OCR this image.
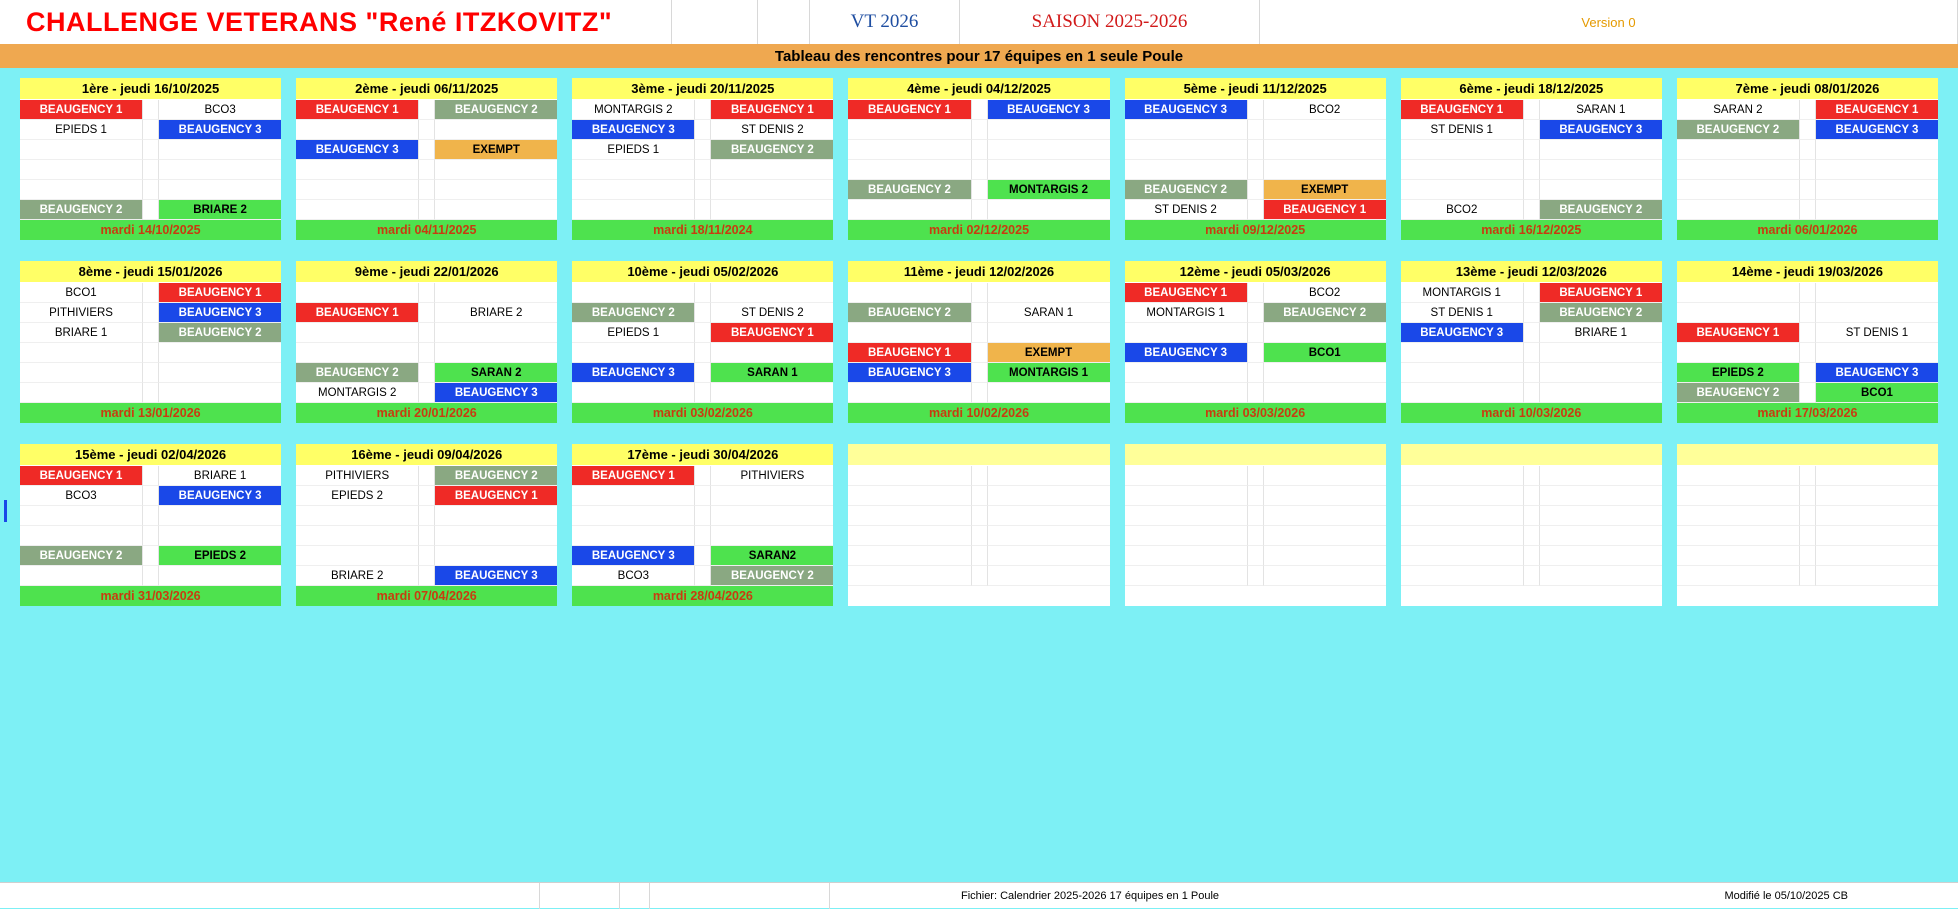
CHALLENGE VETERANS "René ITZKOVITZ"	VT 2026	SAISON 2025-2026	Version 0
Tableau des rencontres pour 17 équipes en 1 seule Poule
1ère - jeudi 16/10/2025
BEAUGENCY 1	BCO3
EPIEDS 1	BEAUGENCY 3
BEAUGENCY 2	BRIARE 2
mardi 14/10/2025
2ème - jeudi 06/11/2025
BEAUGENCY 1	BEAUGENCY 2
BEAUGENCY 3	EXEMPT
mardi 04/11/2025
3ème - jeudi 20/11/2025
MONTARGIS 2	BEAUGENCY 1
BEAUGENCY 3	ST DENIS 2
EPIEDS 1	BEAUGENCY 2
mardi 18/11/2024
4ème - jeudi 04/12/2025
BEAUGENCY 1	BEAUGENCY 3
BEAUGENCY 2	MONTARGIS 2
mardi 02/12/2025
5ème - jeudi 11/12/2025
BEAUGENCY 3	BCO2
BEAUGENCY 2	EXEMPT
ST DENIS 2	BEAUGENCY 1
mardi 09/12/2025
6ème - jeudi 18/12/2025
BEAUGENCY 1	SARAN 1
ST DENIS 1	BEAUGENCY 3
BCO2	BEAUGENCY 2
mardi 16/12/2025
7ème - jeudi 08/01/2026
SARAN 2	BEAUGENCY 1
BEAUGENCY 2	BEAUGENCY 3
mardi 06/01/2026
8ème - jeudi 15/01/2026
BCO1	BEAUGENCY 1
PITHIVIERS	BEAUGENCY 3
BRIARE 1	BEAUGENCY 2
mardi 13/01/2026
9ème - jeudi 22/01/2026
BEAUGENCY 1	BRIARE 2
BEAUGENCY 2	SARAN 2
MONTARGIS 2	BEAUGENCY 3
mardi 20/01/2026
10ème - jeudi 05/02/2026
BEAUGENCY 2	ST DENIS 2
EPIEDS 1	BEAUGENCY 1
BEAUGENCY 3	SARAN 1
mardi 03/02/2026
11ème - jeudi 12/02/2026
BEAUGENCY 2	SARAN 1
BEAUGENCY 1	EXEMPT
BEAUGENCY 3	MONTARGIS 1
mardi 10/02/2026
12ème - jeudi 05/03/2026
BEAUGENCY 1	BCO2
MONTARGIS 1	BEAUGENCY 2
BEAUGENCY 3	BCO1
mardi 03/03/2026
13ème - jeudi 12/03/2026
MONTARGIS 1	BEAUGENCY 1
ST DENIS 1	BEAUGENCY 2
BEAUGENCY 3	BRIARE 1
mardi 10/03/2026
14ème - jeudi 19/03/2026
BEAUGENCY 1	ST DENIS 1
EPIEDS 2	BEAUGENCY 3
BEAUGENCY 2	BCO1
mardi 17/03/2026
15ème - jeudi 02/04/2026
BEAUGENCY 1	BRIARE 1
BCO3	BEAUGENCY 3
BEAUGENCY 2	EPIEDS 2
mardi 31/03/2026
16ème - jeudi 09/04/2026
PITHIVIERS	BEAUGENCY 2
EPIEDS 2	BEAUGENCY 1
BRIARE 2	BEAUGENCY 3
mardi 07/04/2026
17ème - jeudi 30/04/2026
BEAUGENCY 1	PITHIVIERS
BEAUGENCY 3	SARAN2
BCO3	BEAUGENCY 2
mardi 28/04/2026
Fichier: Calendrier 2025-2026 17 équipes en 1 Poule	Modifié le 05/10/2025 CB
